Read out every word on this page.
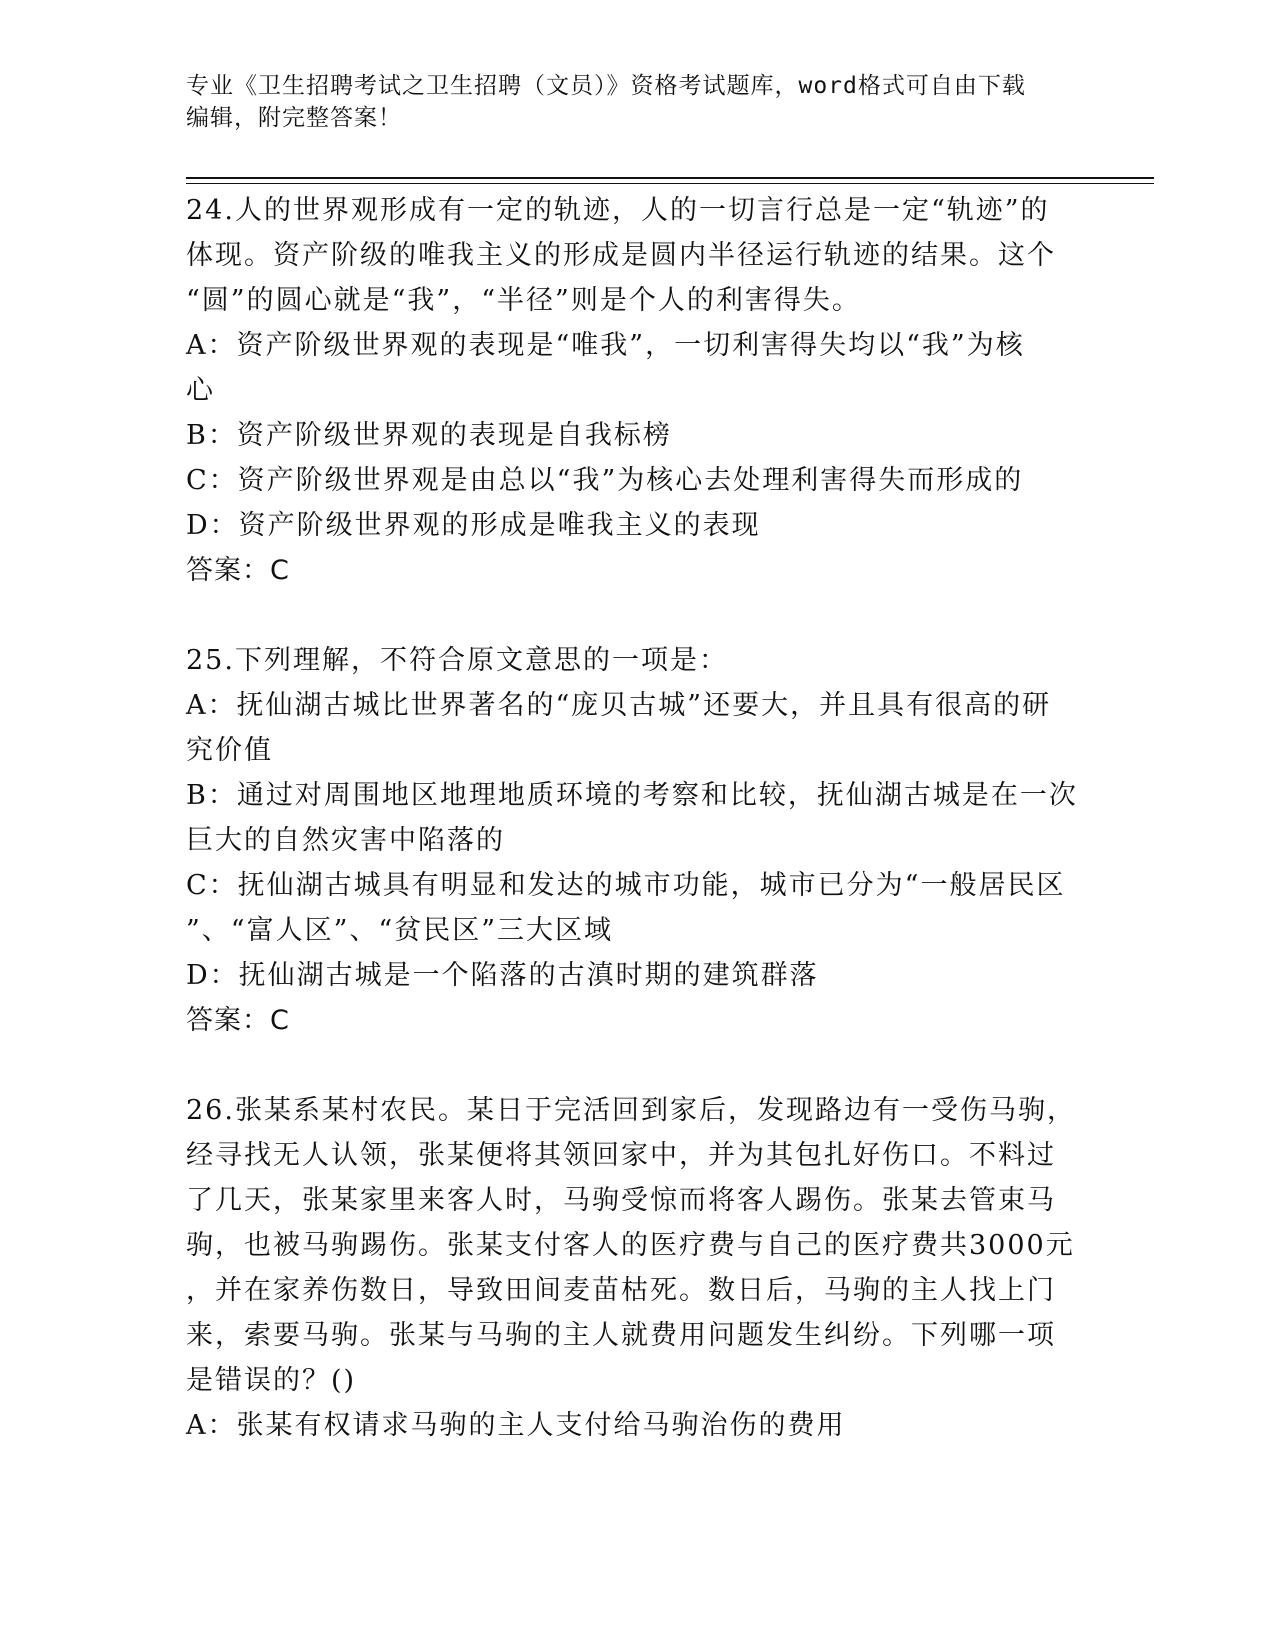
专业《卫生招聘考试之卫生招聘（文员）》资格考试题库，word格式可自由下载
编辑，附完整答案！

24.人的世界观形成有一定的轨迹，人的一切言行总是一定“轨迹”的

体现。资产阶级的唯我主义的形成是圆内半径运行轨迹的结果。这个

“圆”的圆心就是“我”，“半径”则是个人的利害得失。

A：资产阶级世界观的表现是“唯我”，一切利害得失均以“我”为核

心

B：资产阶级世界观的表现是自我标榜

C：资产阶级世界观是由总以“我”为核心去处理利害得失而形成的

D：资产阶级世界观的形成是唯我主义的表现

答案：C

25.下列理解，不符合原文意思的一项是：

A：抚仙湖古城比世界著名的“庞贝古城”还要大，并且具有很高的研

究价值

B：通过对周围地区地理地质环境的考察和比较，抚仙湖古城是在一次

巨大的自然灾害中陷落的

C：抚仙湖古城具有明显和发达的城市功能，城市已分为“一般居民区

”、“富人区”、“贫民区”三大区域

D：抚仙湖古城是一个陷落的古滇时期的建筑群落

答案：C

26.张某系某村农民。某日于完活回到家后，发现路边有一受伤马驹，

经寻找无人认领，张某便将其领回家中，并为其包扎好伤口。不料过

了几天，张某家里来客人时，马驹受惊而将客人踢伤。张某去管束马

驹，也被马驹踢伤。张某支付客人的医疗费与自己的医疗费共3000元

，并在家养伤数日，导致田间麦苗枯死。数日后，马驹的主人找上门

来，索要马驹。张某与马驹的主人就费用问题发生纠纷。下列哪一项

是错误的？()

A：张某有权请求马驹的主人支付给马驹治伤的费用
